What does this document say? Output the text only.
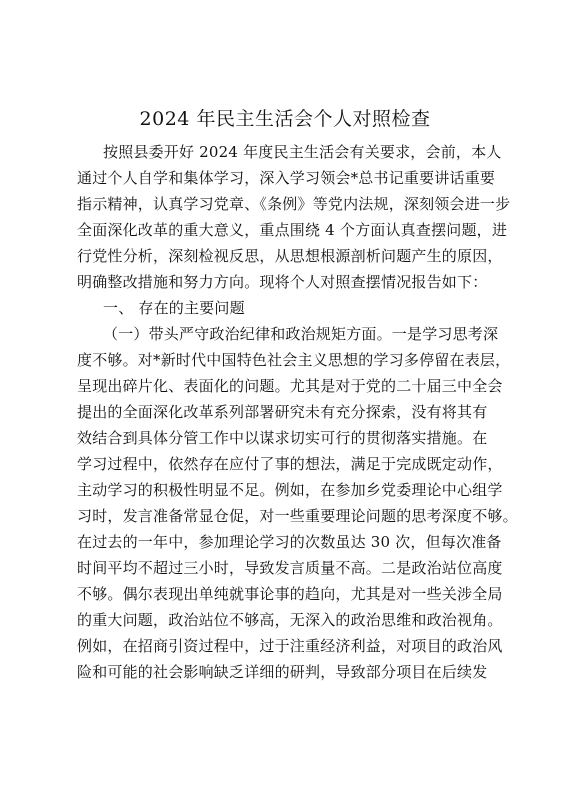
2024 年民主生活会个人对照检查
按照县委开好 2024 年度民主生活会有关要求，会前，本人
通过个人自学和集体学习，深入学习领会*总书记重要讲话重要
指示精神，认真学习党章、《条例》等党内法规，深刻领会进一步
全面深化改革的重大意义，重点围绕 4 个方面认真查摆问题，进
行党性分析，深刻检视反思，从思想根源剖析问题产生的原因，
明确整改措施和努力方向。现将个人对照查摆情况报告如下：
一、 存在的主要问题
（一）带头严守政治纪律和政治规矩方面。一是学习思考深
度不够。对*新时代中国特色社会主义思想的学习多停留在表层，
呈现出碎片化、表面化的问题。尤其是对于党的二十届三中全会
提出的全面深化改革系列部署研究未有充分探索，没有将其有
效结合到具体分管工作中以谋求切实可行的贯彻落实措施。在
学习过程中，依然存在应付了事的想法，满足于完成既定动作，
主动学习的积极性明显不足。例如，在参加乡党委理论中心组学
习时，发言准备常显仓促，对一些重要理论问题的思考深度不够。
在过去的一年中，参加理论学习的次数虽达 30 次，但每次准备
时间平均不超过三小时，导致发言质量不高。二是政治站位高度
不够。偶尔表现出单纯就事论事的趋向，尤其是对一些关涉全局
的重大问题，政治站位不够高，无深入的政治思维和政治视角。
例如，在招商引资过程中，过于注重经济利益，对项目的政治风
险和可能的社会影响缺乏详细的研判，导致部分项目在后续发
